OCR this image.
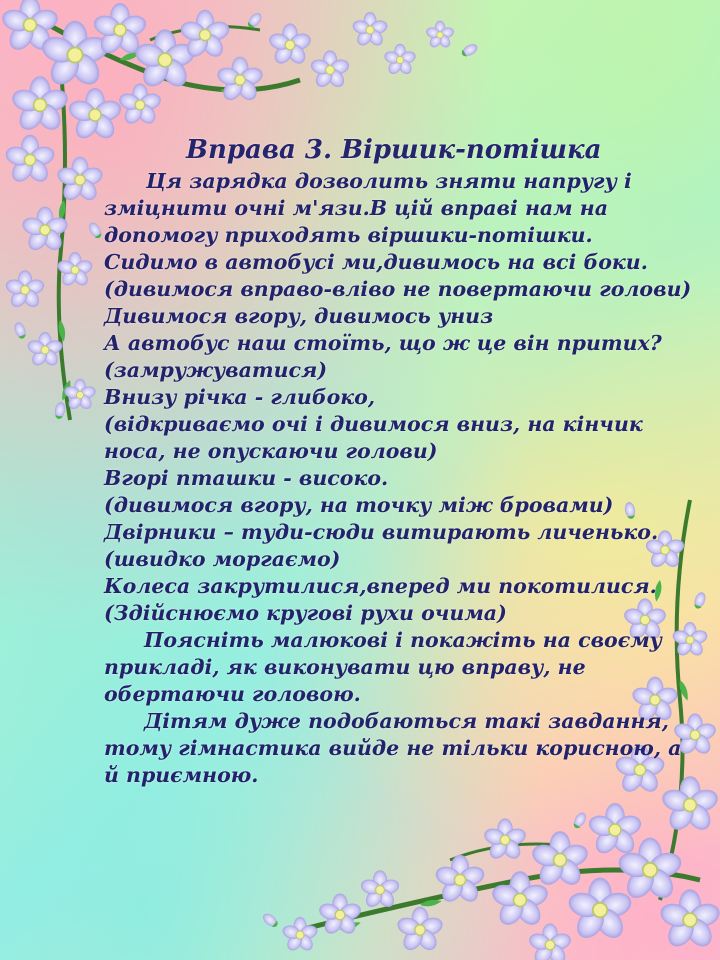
Вправа 3. Віршик-потішка
Ця зарядка дозволить зняти напругу і
зміцнити очні м'язи.В цій вправі нам на
допомогу приходять віршики-потішки.
Сидимо в автобусі ми,дивимось на всі боки.
(дивимося вправо-вліво не повертаючи голови)
Дивимося вгору, дивимось униз
А автобус наш стоїть, що ж це він притих?
(замружуватися)
Внизу річка - глибоко,
(відкриваємо очі і дивимося вниз, на кінчик
носа, не опускаючи голови)
Вгорі пташки - високо.
(дивимося вгору, на точку між бровами)
Двірники – туди-сюди витирають личенько.
(швидко моргаємо)
Колеса закрутилися,вперед ми покотилися.
(Здійснюємо кругові рухи очима)
Поясніть малюкові і покажіть на своєму
прикладі, як виконувати цю вправу, не
обертаючи головою.
Дітям дуже подобаються такі завдання,
тому гімнастика вийде не тільки корисною, а
й приємною.
